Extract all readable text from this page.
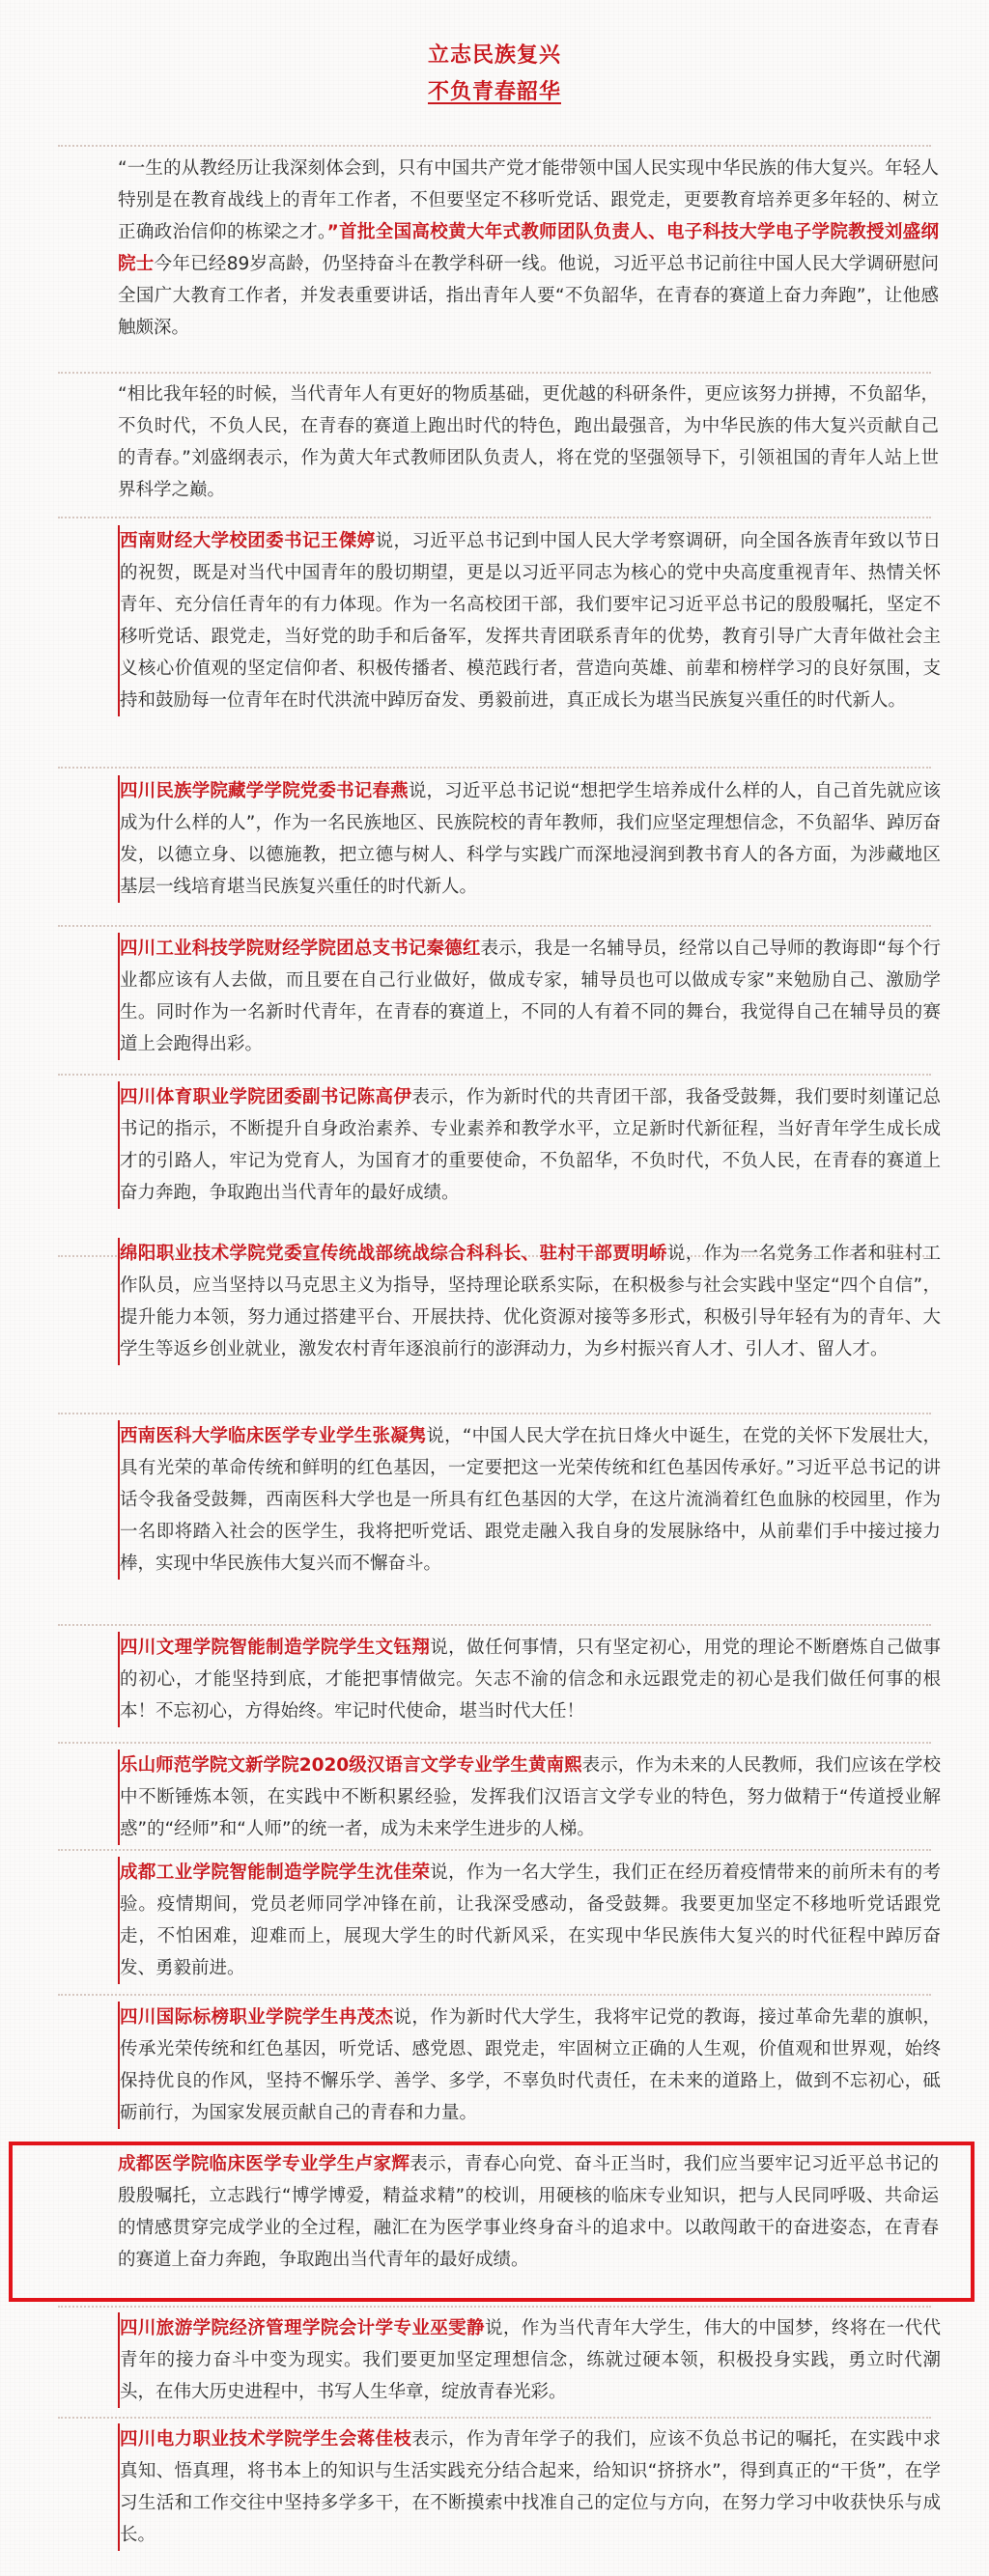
立志民族复兴
不负青春韶华

“一生的从教经历让我深刻体会到，只有中国共产党才能带领中国人民实现中华民族的伟大复兴。年轻人特别是在教育战线上的青年工作者，不但要坚定不移听党话、跟党走，更要教育培养更多年轻的、树立正确政治信仰的栋梁之才。”首批全国高校黄大年式教师团队负责人、电子科技大学电子学院教授刘盛纲院士今年已经89岁高龄，仍坚持奋斗在教学科研一线。他说，习近平总书记前往中国人民大学调研慰问全国广大教育工作者，并发表重要讲话，指出青年人要“不负韶华，在青春的赛道上奋力奔跑”，让他感触颇深。

“相比我年轻的时候，当代青年人有更好的物质基础，更优越的科研条件，更应该努力拼搏，不负韶华，不负时代，不负人民，在青春的赛道上跑出时代的特色，跑出最强音，为中华民族的伟大复兴贡献自己的青春。”刘盛纲表示，作为黄大年式教师团队负责人，将在党的坚强领导下，引领祖国的青年人站上世界科学之巅。

西南财经大学校团委书记王傑婷说，习近平总书记到中国人民大学考察调研，向全国各族青年致以节日的祝贺，既是对当代中国青年的殷切期望，更是以习近平同志为核心的党中央高度重视青年、热情关怀青年、充分信任青年的有力体现。作为一名高校团干部，我们要牢记习近平总书记的殷殷嘱托，坚定不移听党话、跟党走，当好党的助手和后备军，发挥共青团联系青年的优势，教育引导广大青年做社会主义核心价值观的坚定信仰者、积极传播者、模范践行者，营造向英雄、前辈和榜样学习的良好氛围，支持和鼓励每一位青年在时代洪流中踔厉奋发、勇毅前进，真正成长为堪当民族复兴重任的时代新人。

四川民族学院藏学学院党委书记春燕说，习近平总书记说“想把学生培养成什么样的人，自己首先就应该成为什么样的人”，作为一名民族地区、民族院校的青年教师，我们应坚定理想信念，不负韶华、踔厉奋发，以德立身、以德施教，把立德与树人、科学与实践广而深地浸润到教书育人的各方面，为涉藏地区基层一线培育堪当民族复兴重任的时代新人。

四川工业科技学院财经学院团总支书记秦德红表示，我是一名辅导员，经常以自己导师的教诲即“每个行业都应该有人去做，而且要在自己行业做好，做成专家，辅导员也可以做成专家”来勉励自己、激励学生。同时作为一名新时代青年，在青春的赛道上，不同的人有着不同的舞台，我觉得自己在辅导员的赛道上会跑得出彩。

四川体育职业学院团委副书记陈高伊表示，作为新时代的共青团干部，我备受鼓舞，我们要时刻谨记总书记的指示，不断提升自身政治素养、专业素养和教学水平，立足新时代新征程，当好青年学生成长成才的引路人，牢记为党育人，为国育才的重要使命，不负韶华，不负时代，不负人民，在青春的赛道上奋力奔跑，争取跑出当代青年的最好成绩。

绵阳职业技术学院党委宣传统战部统战综合科科长、驻村干部贾明峤说，作为一名党务工作者和驻村工作队员，应当坚持以马克思主义为指导，坚持理论联系实际，在积极参与社会实践中坚定“四个自信”，提升能力本领，努力通过搭建平台、开展扶持、优化资源对接等多形式，积极引导年轻有为的青年、大学生等返乡创业就业，激发农村青年逐浪前行的澎湃动力，为乡村振兴育人才、引人才、留人才。

西南医科大学临床医学专业学生张凝隽说，“中国人民大学在抗日烽火中诞生，在党的关怀下发展壮大，具有光荣的革命传统和鲜明的红色基因，一定要把这一光荣传统和红色基因传承好。”习近平总书记的讲话令我备受鼓舞，西南医科大学也是一所具有红色基因的大学，在这片流淌着红色血脉的校园里，作为一名即将踏入社会的医学生，我将把听党话、跟党走融入我自身的发展脉络中，从前辈们手中接过接力棒，实现中华民族伟大复兴而不懈奋斗。

四川文理学院智能制造学院学生文钰翔说，做任何事情，只有坚定初心，用党的理论不断磨炼自己做事的初心，才能坚持到底，才能把事情做完。矢志不渝的信念和永远跟党走的初心是我们做任何事的根本！不忘初心，方得始终。牢记时代使命，堪当时代大任！

乐山师范学院文新学院2020级汉语言文学专业学生黄南熙表示，作为未来的人民教师，我们应该在学校中不断锤炼本领，在实践中不断积累经验，发挥我们汉语言文学专业的特色，努力做精于“传道授业解惑”的“经师”和“人师”的统一者，成为未来学生进步的人梯。

成都工业学院智能制造学院学生沈佳荣说，作为一名大学生，我们正在经历着疫情带来的前所未有的考验。疫情期间，党员老师同学冲锋在前，让我深受感动，备受鼓舞。我要更加坚定不移地听党话跟党走，不怕困难，迎难而上，展现大学生的时代新风采，在实现中华民族伟大复兴的时代征程中踔厉奋发、勇毅前进。

四川国际标榜职业学院学生冉茂杰说，作为新时代大学生，我将牢记党的教诲，接过革命先辈的旗帜，传承光荣传统和红色基因，听党话、感党恩、跟党走，牢固树立正确的人生观，价值观和世界观，始终保持优良的作风，坚持不懈乐学、善学、多学，不辜负时代责任，在未来的道路上，做到不忘初心，砥砺前行，为国家发展贡献自己的青春和力量。

成都医学院临床医学专业学生卢家辉表示，青春心向党、奋斗正当时，我们应当要牢记习近平总书记的殷殷嘱托，立志践行“博学博爱，精益求精”的校训，用硬核的临床专业知识，把与人民同呼吸、共命运的情感贯穿完成学业的全过程，融汇在为医学事业终身奋斗的追求中。以敢闯敢干的奋进姿态，在青春的赛道上奋力奔跑，争取跑出当代青年的最好成绩。

四川旅游学院经济管理学院会计学专业巫雯静说，作为当代青年大学生，伟大的中国梦，终将在一代代青年的接力奋斗中变为现实。我们要更加坚定理想信念，练就过硬本领，积极投身实践，勇立时代潮头，在伟大历史进程中，书写人生华章，绽放青春光彩。

四川电力职业技术学院学生会蒋佳枝表示，作为青年学子的我们，应该不负总书记的嘱托，在实践中求真知、悟真理，将书本上的知识与生活实践充分结合起来，给知识“挤挤水”，得到真正的“干货”，在学习生活和工作交往中坚持多学多干，在不断摸索中找准自己的定位与方向，在努力学习中收获快乐与成长。
